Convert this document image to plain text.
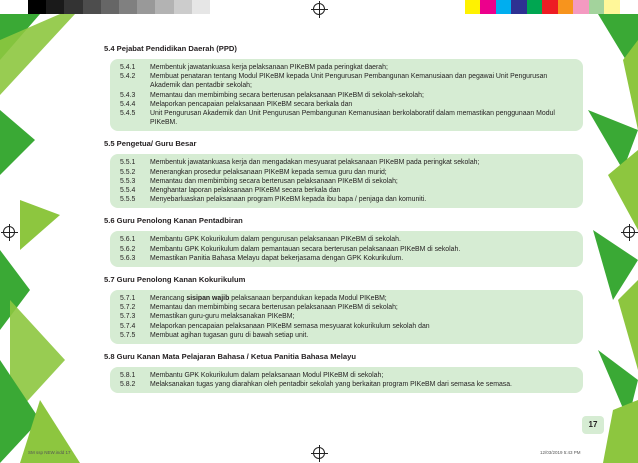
5.4 Pejabat Pendidikan Daerah (PPD)
5.4.1	Membentuk jawatankuasa kerja pelaksanaan PIKeBM pada peringkat daerah;
5.4.2	Membuat penataran tentang Modul PIKeBM kepada Unit Pengurusan Pembangunan Kemanusiaan dan pegawai Unit Pengurusan Akademik dan pentadbir sekolah;
5.4.3	Memantau dan membimbing secara berterusan pelaksanaan PIKeBM di sekolah-sekolah;
5.4.4	Melaporkan pencapaian pelaksanaan PIKeBM secara berkala dan
5.4.5	Unit Pengurusan Akademik dan Unit Pengurusan Pembangunan Kemanusiaan berkolaboratif dalam memastikan penggunaan Modul PIKeBM.
5.5 Pengetua/ Guru Besar
5.5.1	Membentuk jawatankuasa kerja dan mengadakan mesyuarat pelaksanaan PIKeBM pada peringkat sekolah;
5.5.2	Menerangkan prosedur pelaksanaan PIKeBM kepada semua guru dan murid;
5.5.3	Memantau dan membimbing secara berterusan pelaksanaan PIKeBM di sekolah;
5.5.4	Menghantar laporan pelaksanaan PIKeBM secara berkala dan
5.5.5	Menyebarluaskan pelaksanaan program PIKeBM kepada ibu bapa / penjaga dan komuniti.
5.6 Guru Penolong Kanan Pentadbiran
5.6.1	Membantu GPK Kokurikulum dalam pengurusan pelaksanaan PIKeBM di sekolah.
5.6.2	Membantu GPK Kokurikulum dalam pemantauan secara berterusan pelaksanaan PIKeBM di sekolah.
5.6.3	Memastikan Panitia Bahasa Melayu dapat bekerjasama dengan GPK Kokurikulum.
5.7 Guru Penolong Kanan Kokurikulum
5.7.1	Merancang sisipan wajib pelaksanaan berpandukan kepada Modul PIKeBM;
5.7.2	Memantau dan membimbing secara berterusan pelaksanaan PIKeBM di sekolah;
5.7.3	Memastikan guru-guru melaksanakan PIKeBM;
5.7.4	Melaporkan pencapaian pelaksanaan PIKeBM semasa mesyuarat kokurikulum sekolah dan
5.7.5	Membuat agihan tugasan guru di bawah setiap unit.
5.8 Guru Kanan Mata Pelajaran Bahasa / Ketua Panitia Bahasa Melayu
5.8.1	Membantu GPK Kokurikulum dalam pelaksanaan Modul PIKeBM di sekolah;
5.8.2	Melaksanakan tugas yang diarahkan oleh pentadbir sekolah yang berkaitan program PIKeBM dari semasa ke semasa.
17
SM ssp NEW.indd 17	12/03/2019 5:43 PM
